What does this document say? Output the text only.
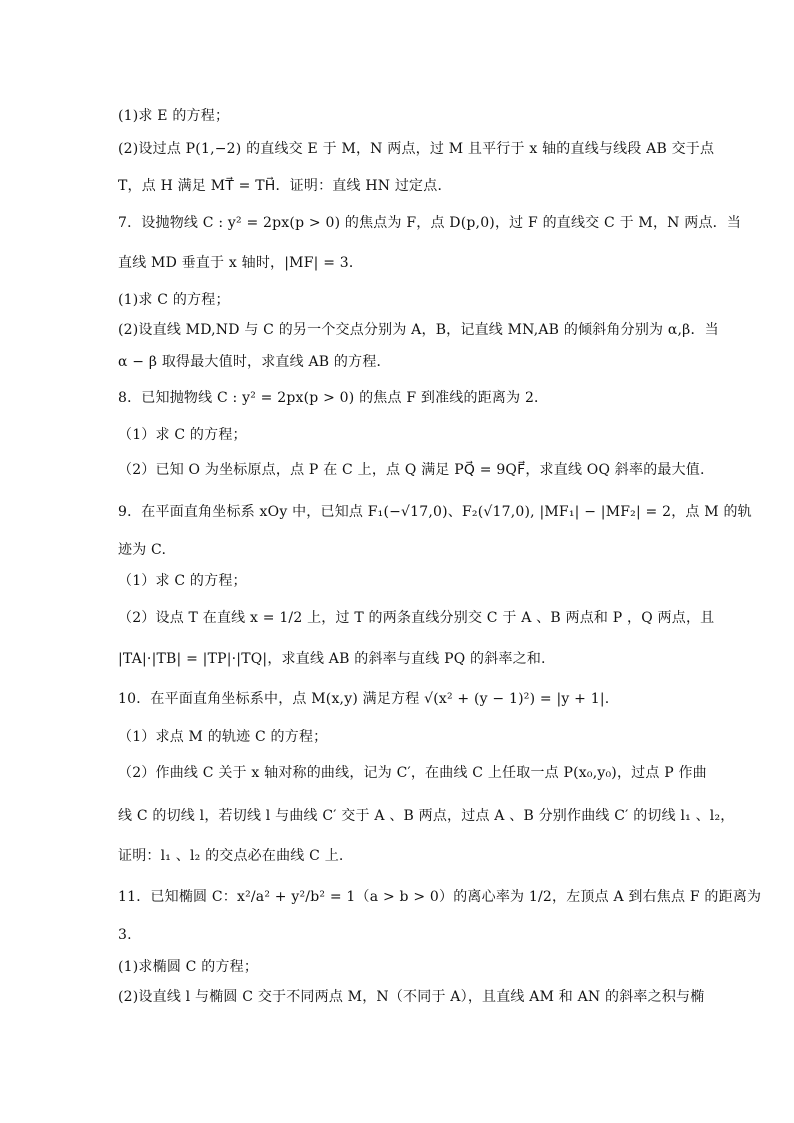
(1)求 E 的方程；
(2)设过点 P(1,−2) 的直线交 E 于 M，N 两点，过 M 且平行于 x 轴的直线与线段 AB 交于点
T，点 H 满足 MT⃗ = TH⃗．证明：直线 HN 过定点．
7．设抛物线 C : y² = 2px(p > 0) 的焦点为 F，点 D(p,0)，过 F 的直线交 C 于 M，N 两点．当
直线 MD 垂直于 x 轴时，|MF| = 3．
(1)求 C 的方程；
(2)设直线 MD,ND 与 C 的另一个交点分别为 A，B，记直线 MN,AB 的倾斜角分别为 α,β．当
α − β 取得最大值时，求直线 AB 的方程．
8．已知抛物线 C : y² = 2px(p > 0) 的焦点 F 到准线的距离为 2．
（1）求 C 的方程；
（2）已知 O 为坐标原点，点 P 在 C 上，点 Q 满足 PQ⃗ = 9QF⃗，求直线 OQ 斜率的最大值.
9．在平面直角坐标系 xOy 中，已知点 F₁(−√17,0)、F₂(√17,0), |MF₁| − |MF₂| = 2，点 M 的轨
迹为 C.
（1）求 C 的方程；
（2）设点 T 在直线 x = 1/2 上，过 T 的两条直线分别交 C 于 A 、B 两点和 P ，Q 两点，且
|TA|·|TB| = |TP|·|TQ|，求直线 AB 的斜率与直线 PQ 的斜率之和.
10．在平面直角坐标系中，点 M(x,y) 满足方程 √(x² + (y − 1)²) = |y + 1|.
（1）求点 M 的轨迹 C 的方程；
（2）作曲线 C 关于 x 轴对称的曲线，记为 C′，在曲线 C 上任取一点 P(x₀,y₀)，过点 P 作曲
线 C 的切线 l，若切线 l 与曲线 C′ 交于 A 、B 两点，过点 A 、B 分别作曲线 C′ 的切线 l₁ 、l₂，
证明：l₁ 、l₂ 的交点必在曲线 C 上.
11．已知椭圆 C：x²/a² + y²/b² = 1（a > b > 0）的离心率为 1/2，左顶点 A 到右焦点 F 的距离为
3.
(1)求椭圆 C 的方程；
(2)设直线 l 与椭圆 C 交于不同两点 M，N（不同于 A），且直线 AM 和 AN 的斜率之积与椭
